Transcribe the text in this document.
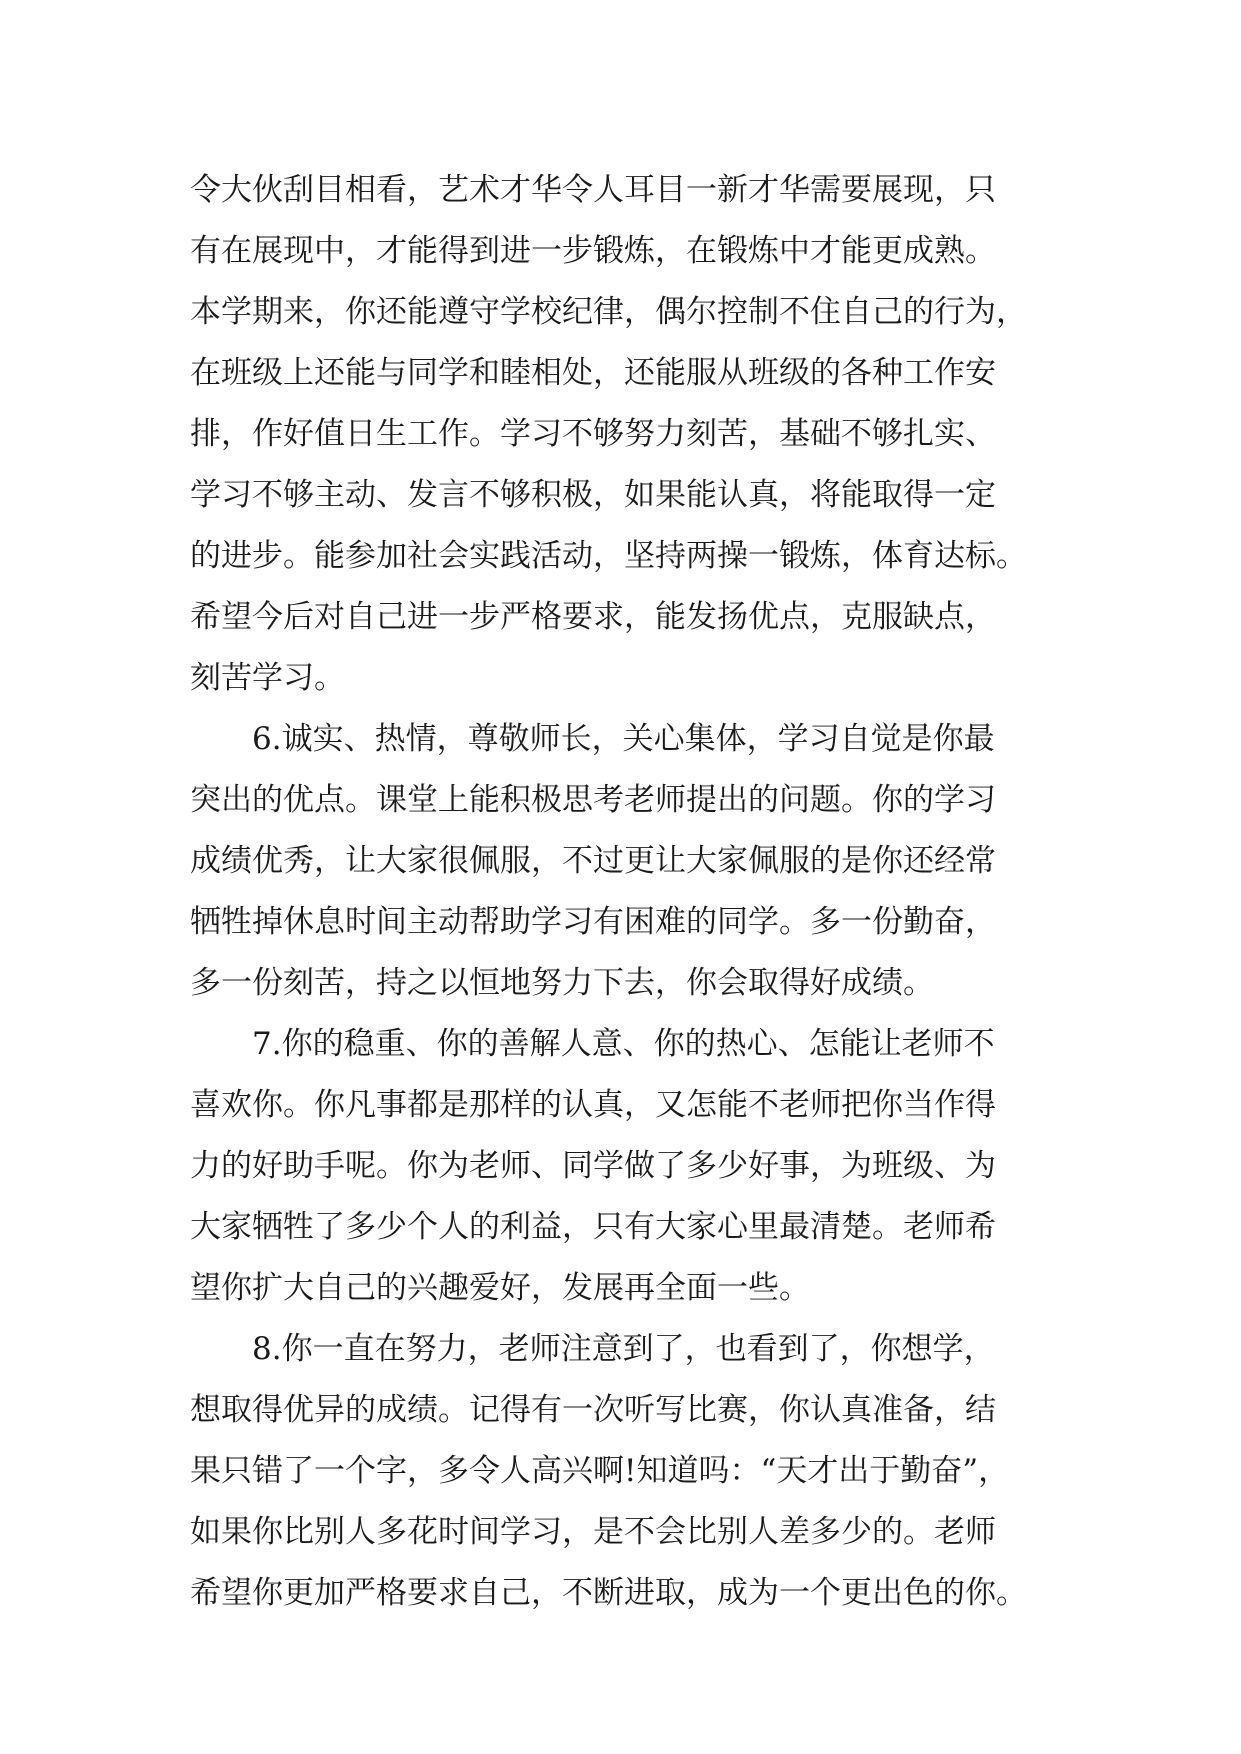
令大伙刮目相看，艺术才华令人耳目一新才华需要展现，只
有在展现中，才能得到进一步锻炼，在锻炼中才能更成熟。
本学期来，你还能遵守学校纪律，偶尔控制不住自己的行为，
在班级上还能与同学和睦相处，还能服从班级的各种工作安
排，作好值日生工作。学习不够努力刻苦，基础不够扎实、
学习不够主动、发言不够积极，如果能认真，将能取得一定
的进步。能参加社会实践活动，坚持两操一锻炼，体育达标。
希望今后对自己进一步严格要求，能发扬优点，克服缺点，
刻苦学习。
6.诚实、热情，尊敬师长，关心集体，学习自觉是你最
突出的优点。课堂上能积极思考老师提出的问题。你的学习
成绩优秀，让大家很佩服，不过更让大家佩服的是你还经常
牺牲掉休息时间主动帮助学习有困难的同学。多一份勤奋，
多一份刻苦，持之以恒地努力下去，你会取得好成绩。
7.你的稳重、你的善解人意、你的热心、怎能让老师不
喜欢你。你凡事都是那样的认真，又怎能不老师把你当作得
力的好助手呢。你为老师、同学做了多少好事，为班级、为
大家牺牲了多少个人的利益，只有大家心里最清楚。老师希
望你扩大自己的兴趣爱好，发展再全面一些。
8.你一直在努力，老师注意到了，也看到了，你想学，
想取得优异的成绩。记得有一次听写比赛，你认真准备，结
果只错了一个字，多令人高兴啊!知道吗：“天才出于勤奋”，
如果你比别人多花时间学习，是不会比别人差多少的。老师
希望你更加严格要求自己，不断进取，成为一个更出色的你。
